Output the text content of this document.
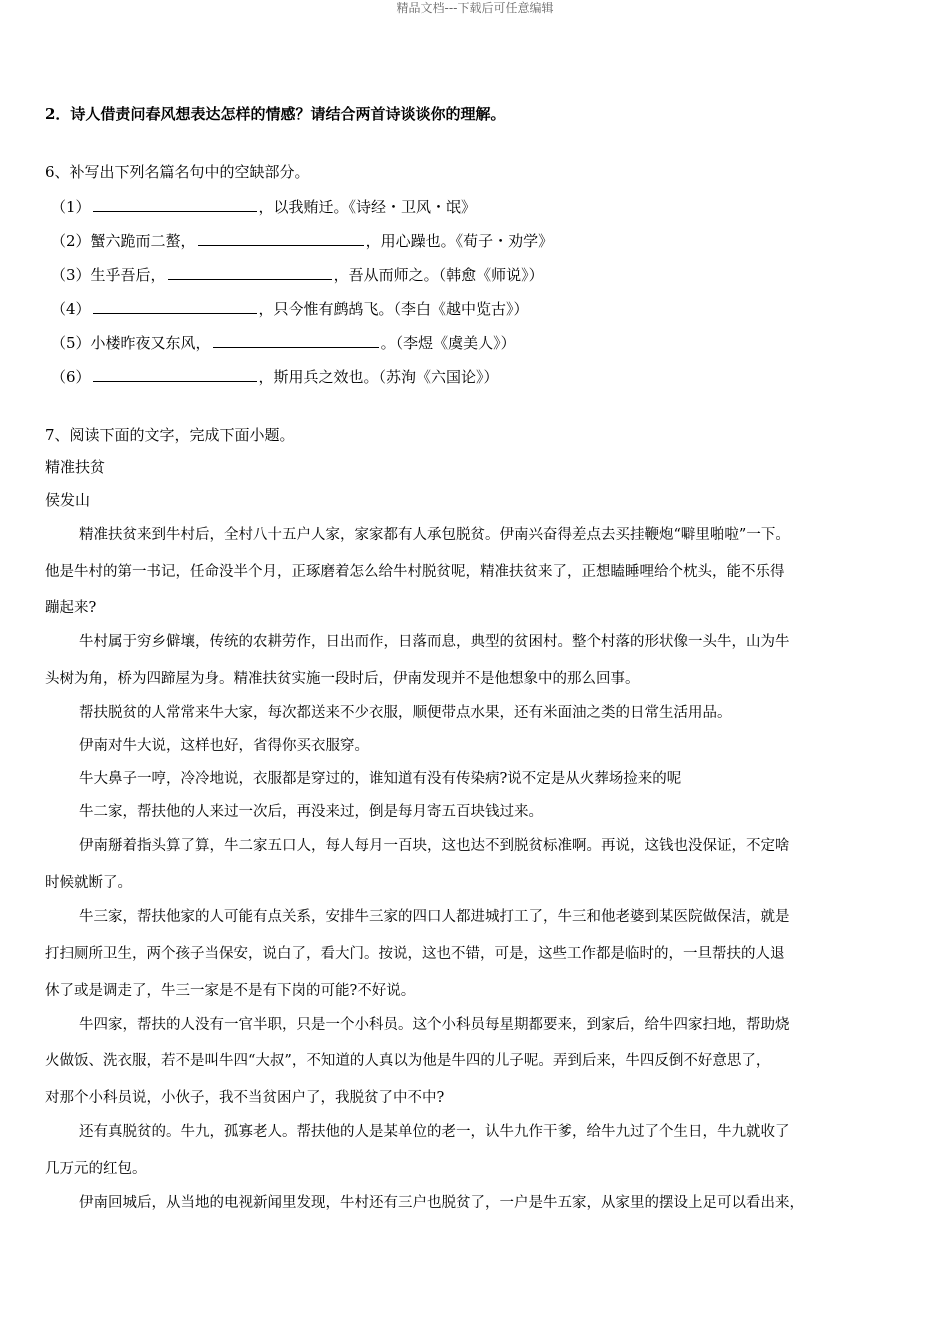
精品文档---下载后可任意编辑
2．诗人借责问春风想表达怎样的情感？请结合两首诗谈谈你的理解。
6、补写出下列名篇名句中的空缺部分。
（1）	，以我贿迁。《诗经・卫风・氓》
（2）蟹六跪而二螯，	，用心躁也。《荀子・劝学》
（3）生乎吾后，	，吾从而师之。（韩愈《师说》）
（4）	，只今惟有鹧鸪飞。（李白《越中览古》）
（5）小楼昨夜又东风，	。（李煜《虞美人》）
（6）	，斯用兵之效也。（苏洵《六国论》）
7、阅读下面的文字，完成下面小题。
精准扶贫
侯发山
精准扶贫来到牛村后，全村八十五户人家，家家都有人承包脱贫。伊南兴奋得差点去买挂鞭炮“噼里啪啦”一下。
他是牛村的第一书记，任命没半个月，正琢磨着怎么给牛村脱贫呢，精准扶贫来了，正想瞌睡哩给个枕头，能不乐得
蹦起来?
牛村属于穷乡僻壤，传统的农耕劳作，日出而作，日落而息，典型的贫困村。整个村落的形状像一头牛，山为牛
头树为角，桥为四蹄屋为身。精准扶贫实施一段时后，伊南发现并不是他想象中的那么回事。
帮扶脱贫的人常常来牛大家，每次都送来不少衣服，顺便带点水果，还有米面油之类的日常生活用品。
伊南对牛大说，这样也好，省得你买衣服穿。
牛大鼻子一哼，冷冷地说，衣服都是穿过的，谁知道有没有传染病?说不定是从火葬场捡来的呢
牛二家，帮扶他的人来过一次后，再没来过，倒是每月寄五百块钱过来。
伊南掰着指头算了算，牛二家五口人，每人每月一百块，这也达不到脱贫标准啊。再说，这钱也没保证，不定啥
时候就断了。
牛三家，帮扶他家的人可能有点关系，安排牛三家的四口人都进城打工了，牛三和他老婆到某医院做保洁，就是
打扫厕所卫生，两个孩子当保安，说白了，看大门。按说，这也不错，可是，这些工作都是临时的，一旦帮扶的人退
休了或是调走了，牛三一家是不是有下岗的可能?不好说。
牛四家，帮扶的人没有一官半职，只是一个小科员。这个小科员每星期都要来，到家后，给牛四家扫地，帮助烧
火做饭、洗衣服，若不是叫牛四“大叔”，不知道的人真以为他是牛四的儿子呢。弄到后来，牛四反倒不好意思了，
对那个小科员说，小伙子，我不当贫困户了，我脱贫了中不中?
还有真脱贫的。牛九，孤寡老人。帮扶他的人是某单位的老一，认牛九作干爹，给牛九过了个生日，牛九就收了
几万元的红包。
伊南回城后，从当地的电视新闻里发现，牛村还有三户也脱贫了，一户是牛五家，从家里的摆设上足可以看出来，
